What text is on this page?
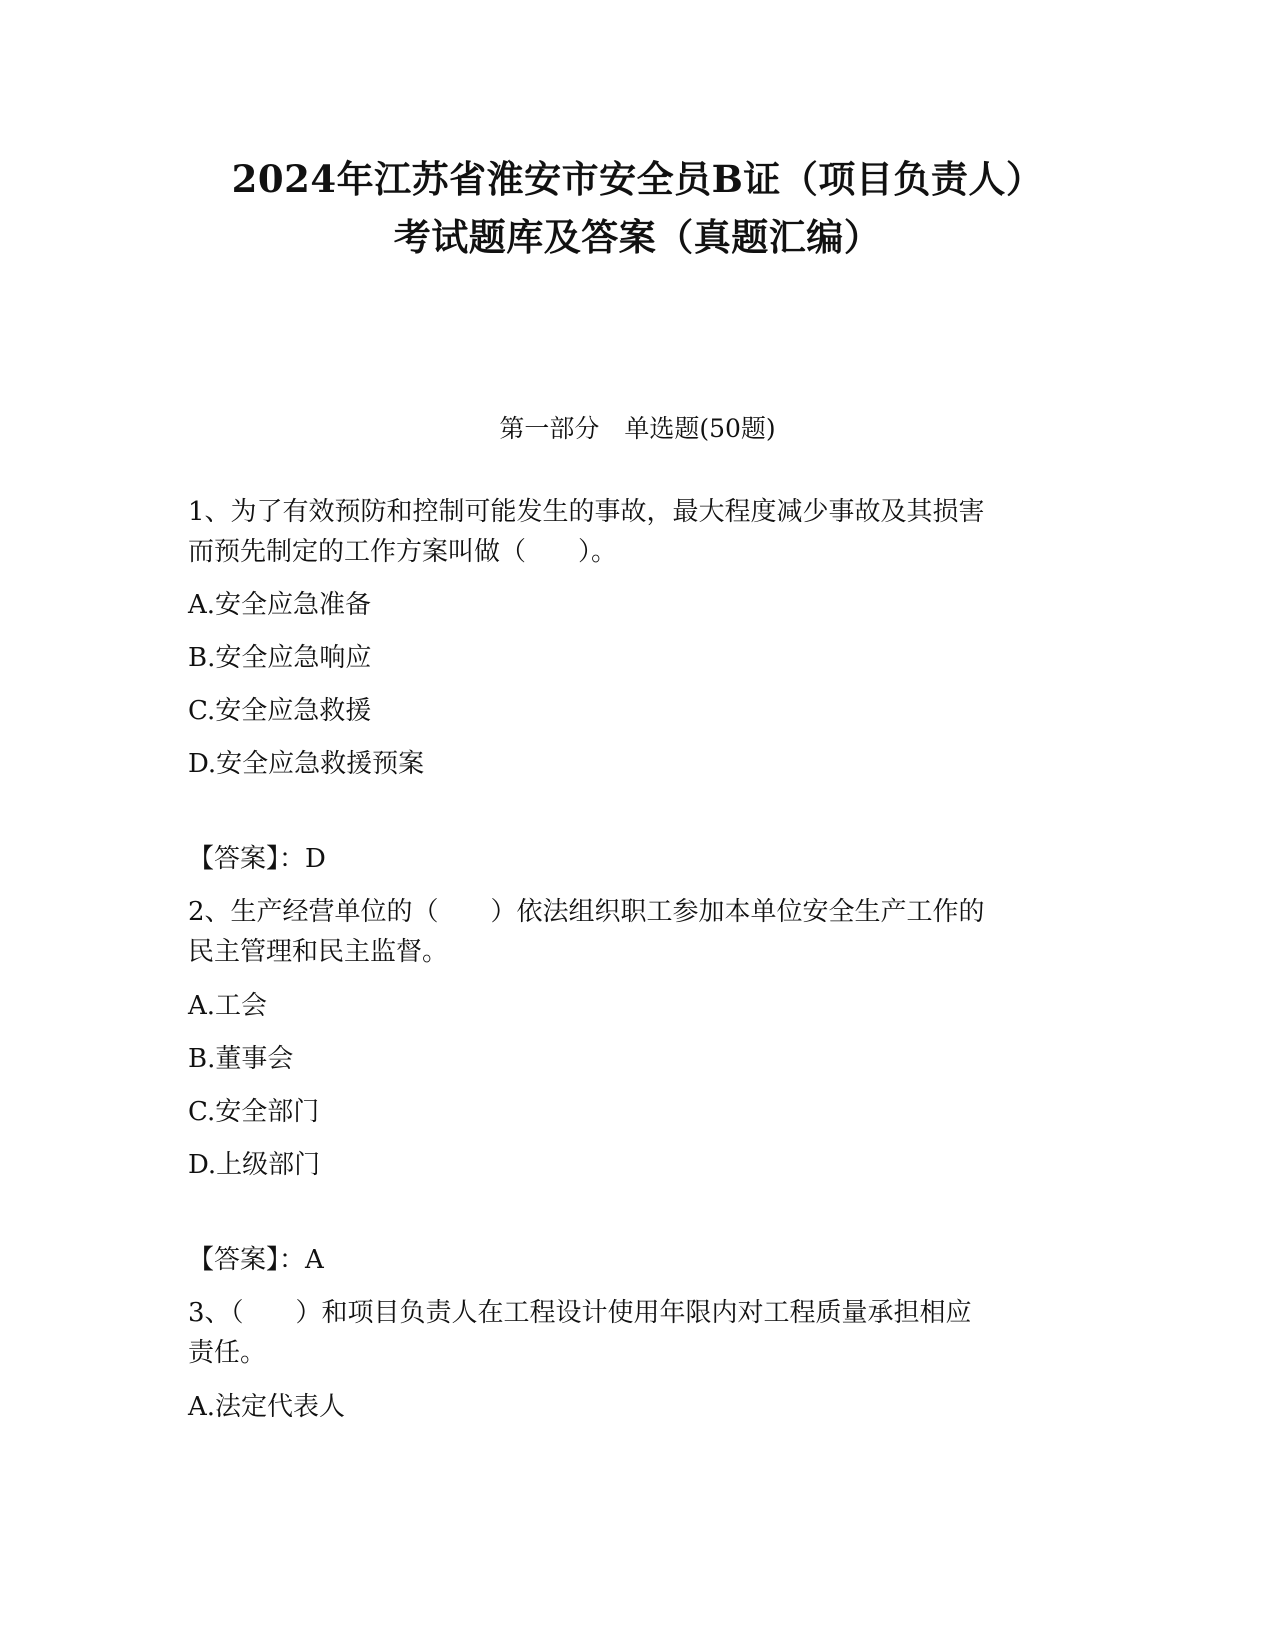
2024年江苏省淮安市安全员B证（项目负责人）
考试题库及答案（真题汇编）
第一部分　单选题(50题)
1、为了有效预防和控制可能发生的事故，最大程度减少事故及其损害
而预先制定的工作方案叫做（　　）。
A.安全应急准备
B.安全应急响应
C.安全应急救援
D.安全应急救援预案
【答案】：D
2、生产经营单位的（　　）依法组织职工参加本单位安全生产工作的
民主管理和民主监督。
A.工会
B.董事会
C.安全部门
D.上级部门
【答案】：A
3、（　　）和项目负责人在工程设计使用年限内对工程质量承担相应
责任。
A.法定代表人
